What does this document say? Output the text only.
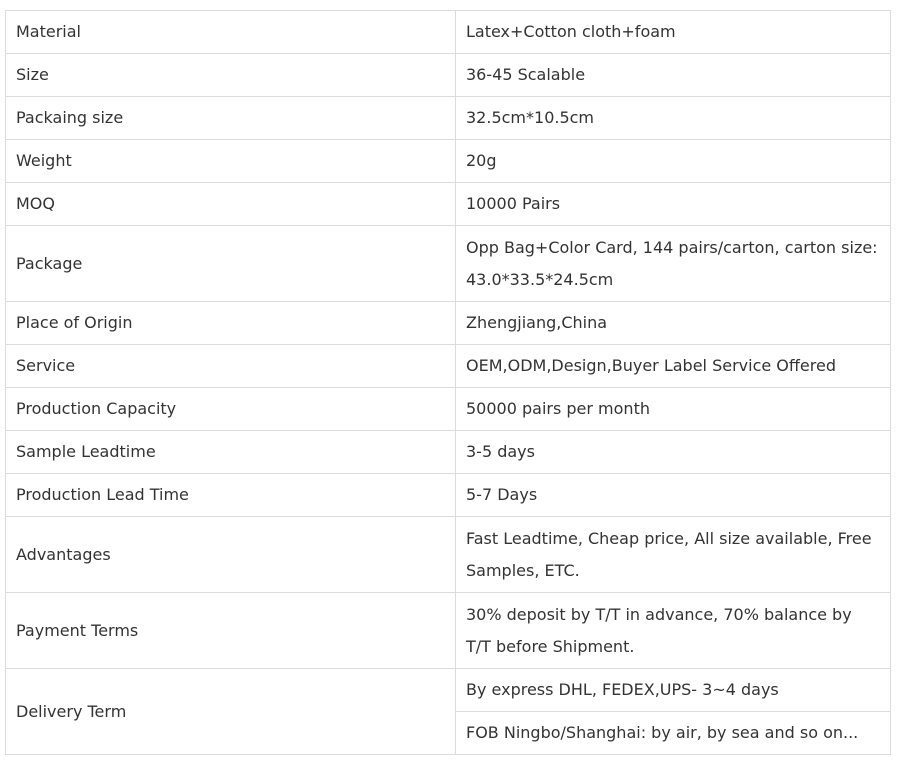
Material	Latex+Cotton cloth+foam
Size	36-45 Scalable
Packaing size	32.5cm*10.5cm
Weight	20g
MOQ	10000 Pairs
Package	Opp Bag+Color Card, 144 pairs/carton, carton size: 43.0*33.5*24.5cm
Place of Origin	Zhengjiang,China
Service	OEM,ODM,Design,Buyer Label Service Offered
Production Capacity	50000 pairs per month
Sample Leadtime	3-5 days
Production Lead Time	5-7 Days
Advantages	Fast Leadtime, Cheap price, All size available, Free Samples, ETC.
Payment Terms	30% deposit by T/T in advance, 70% balance by T/T before Shipment.
Delivery Term	By express DHL, FEDEX,UPS- 3~4 days
	FOB Ningbo/Shanghai: by air, by sea and so on...
